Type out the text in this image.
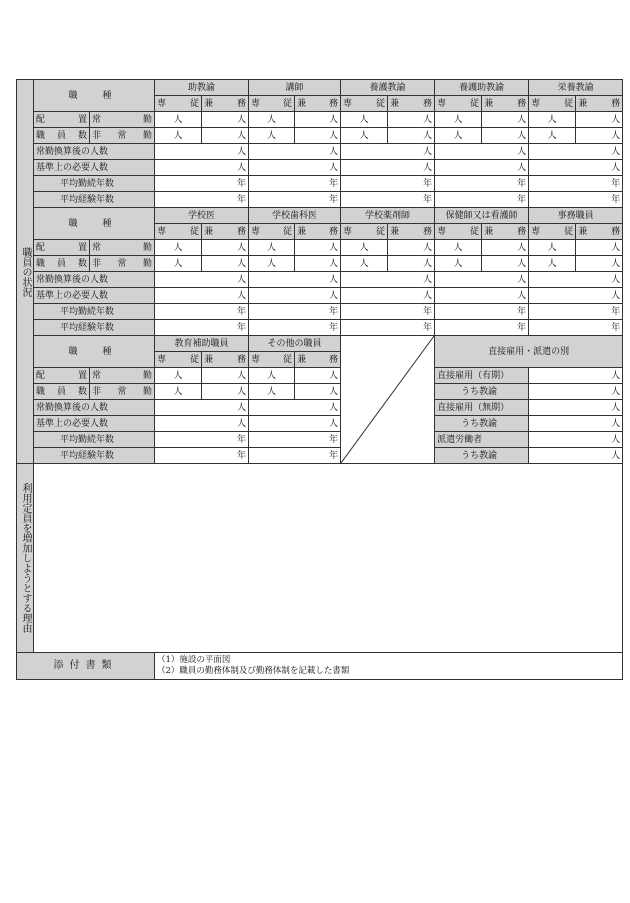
職員の状況	職　種		助教諭		講師		養護教諭		養護助教諭		栄養教諭	

			専 従	兼 務	専 従	兼 務	専 従	兼 務	専 従	兼 務	専 従	兼 務

	配 置	常 勤	人	人	人	人	人	人	人	人	人	人

	職 員 数	非 常 勤	人	人	人	人	人	人	人	人	人	人
	常勤換算後の人数		人		人		人		人		人	
	基準上の必要人数		人		人		人		人		人	
	平均勤続年数		年		年		年		年		年	
	平均経験年数		年		年		年		年		年	
	職　種		学校医		学校歯科医		学校薬剤師		保健師又は看護師		事務職員	

			専 従	兼 務	専 従	兼 務	専 従	兼 務	専 従	兼 務	専 従	兼 務

	配 置	常 勤	人	人	人	人	人	人	人	人	人	人

	職 員 数	非 常 勤	人	人	人	人	人	人	人	人	人	人
	常勤換算後の人数		人		人		人		人		人	
	基準上の必要人数		人		人		人		人		人	
	平均勤続年数		年		年		年		年		年	
	平均経験年数		年		年		年		年		年	
	職　種		教育補助職員		その他の職員				直接雇用・派遣の別			

			専 従	兼 務	専 従	兼 務						

	配 置	常 勤	人	人	人	人			直接雇用（有期）		人	

	職 員 数	非 常 勤	人	人	人	人			うち教諭		人	
	常勤換算後の人数		人		人				直接雇用（無期）		人	
	基準上の必要人数		人		人				うち教諭		人	
	平均勤続年数		年		年				派遣労働者		人	
	平均経験年数		年		年				うち教諭		人	
利用定員を増加しようとする理由												
添付書類			（1）施設の平面図
（2）職員の勤務体制及び勤務体制を記載した書類									
